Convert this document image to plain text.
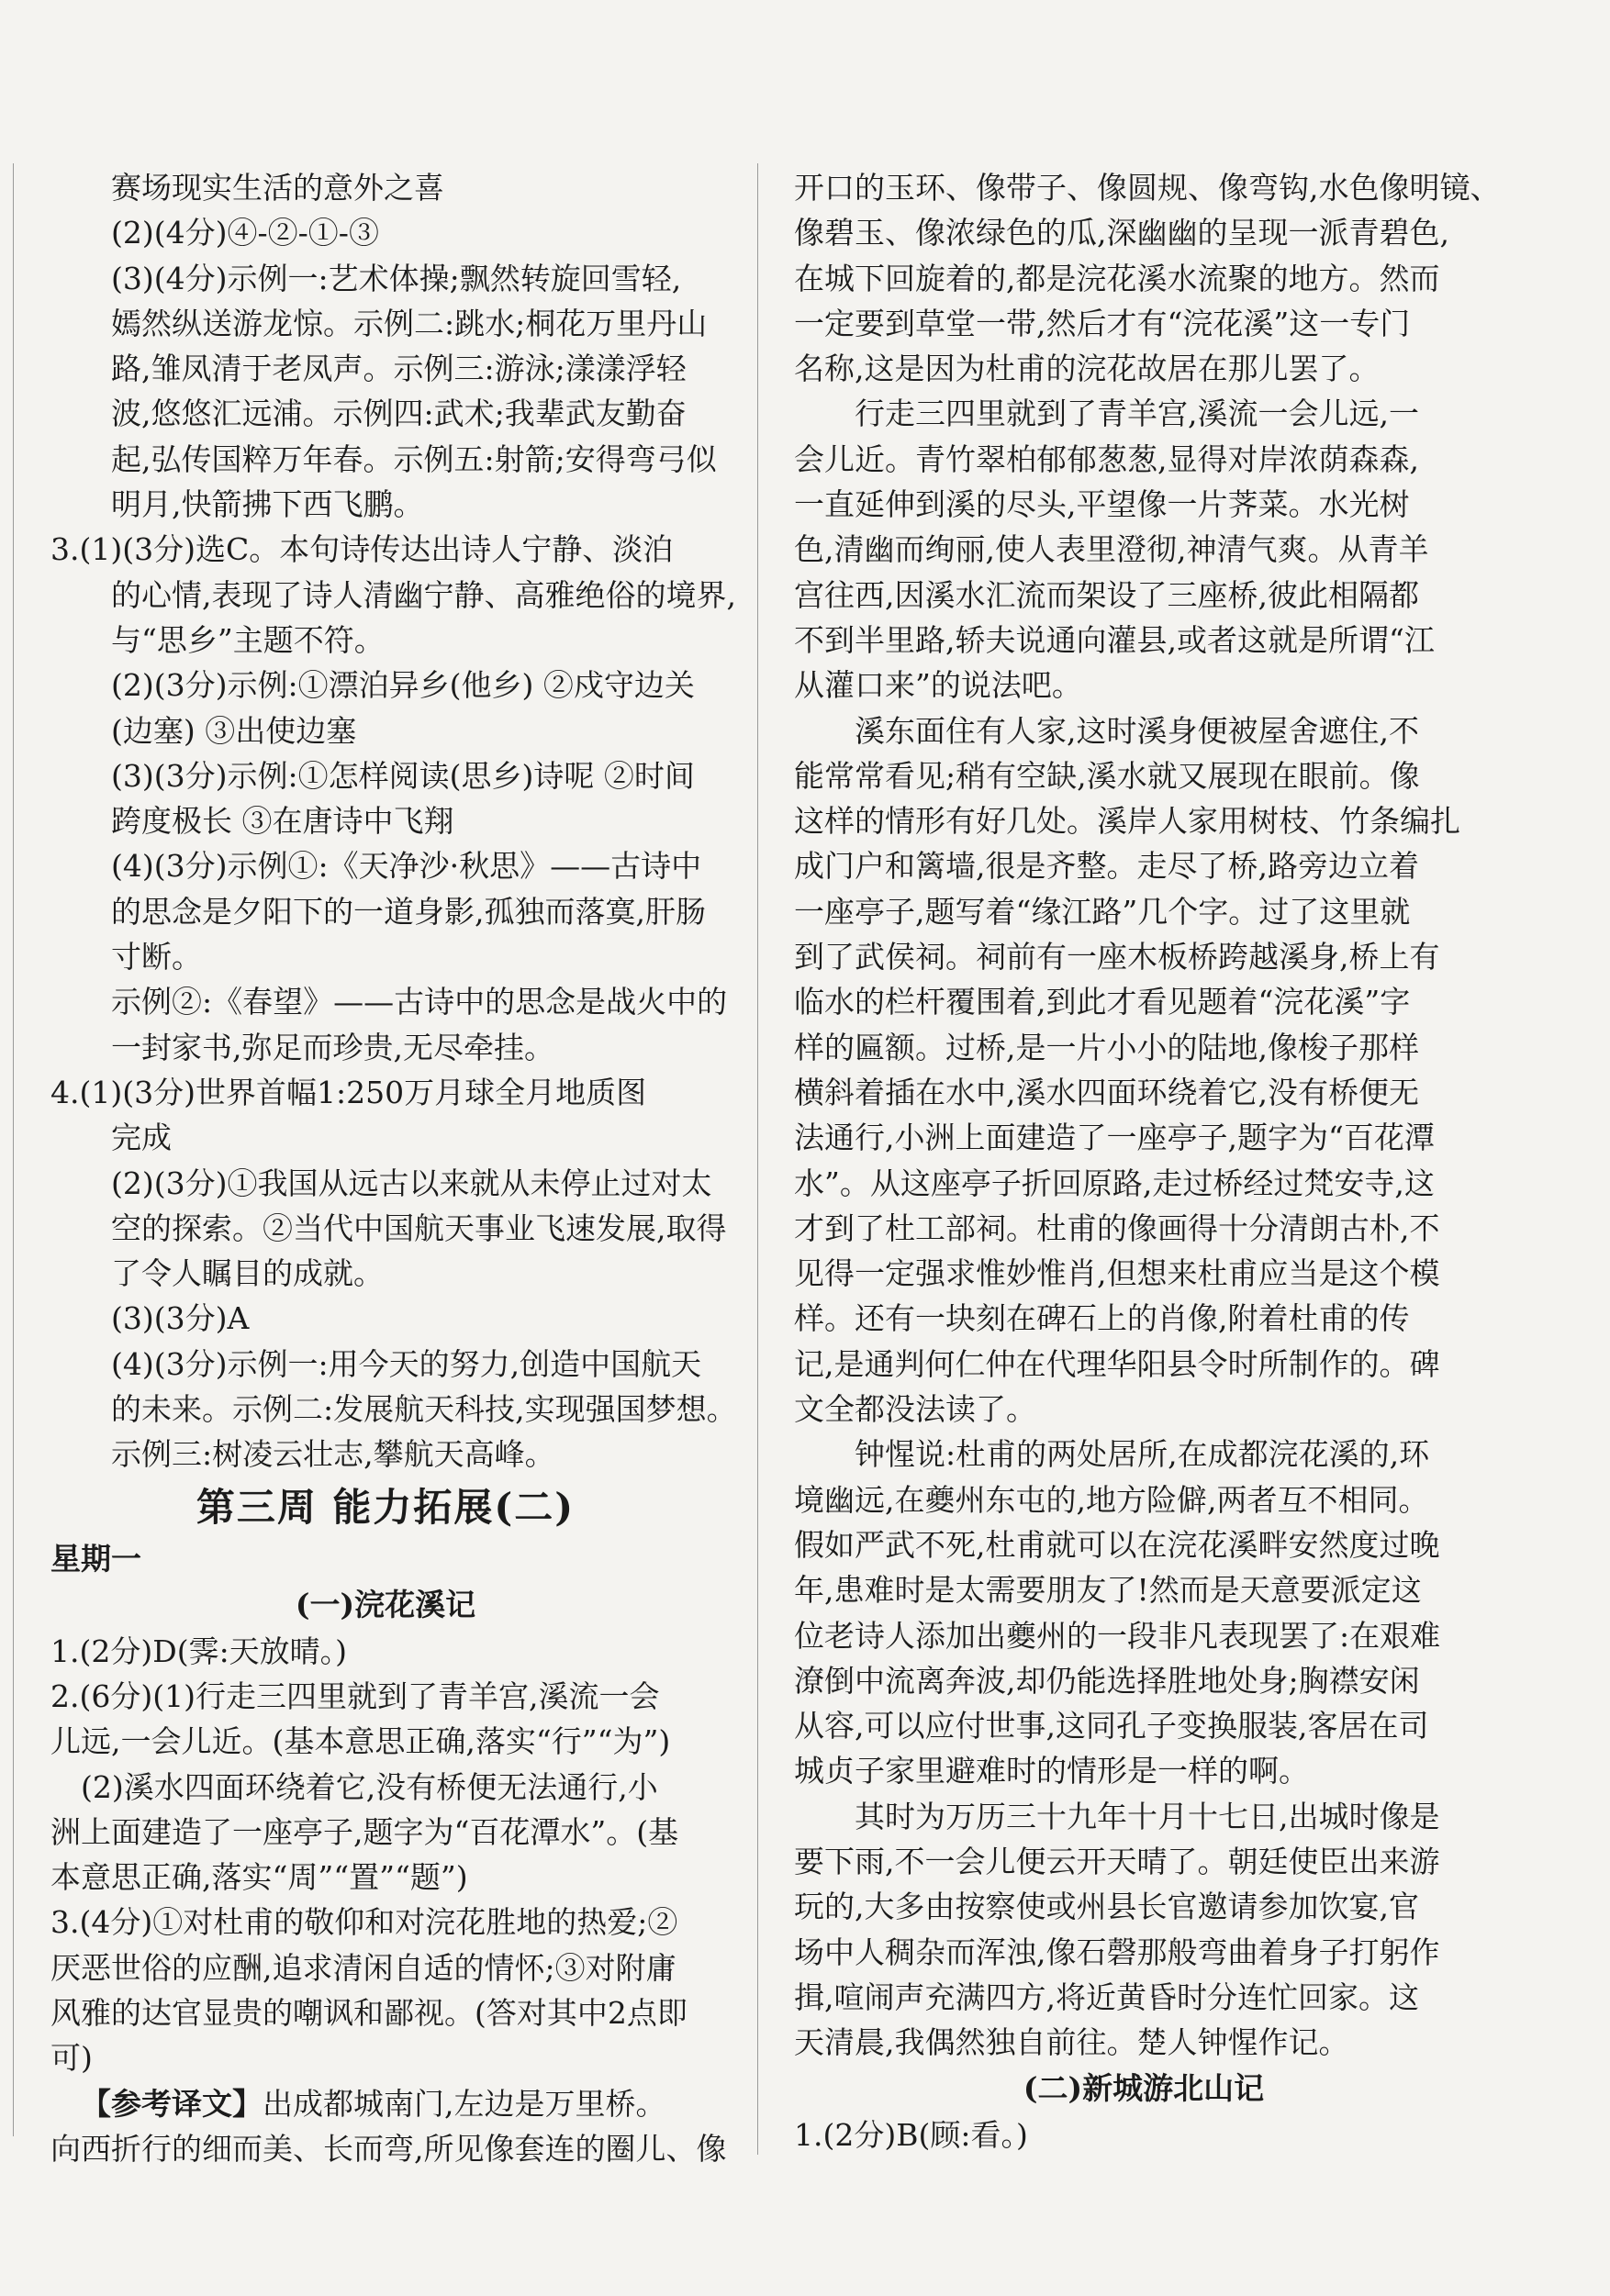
赛场现实生活的意外之喜
(2)(4分)④-②-①-③
(3)(4分)示例一:艺术体操;飘然转旋回雪轻,
嫣然纵送游龙惊。示例二:跳水;桐花万里丹山
路,雏凤清于老凤声。示例三:游泳;漾漾浮轻
波,悠悠汇远浦。示例四:武术;我辈武友勤奋
起,弘传国粹万年春。示例五:射箭;安得弯弓似
明月,快箭拂下西飞鹏。
3.(1)(3分)选C。本句诗传达出诗人宁静、淡泊
的心情,表现了诗人清幽宁静、高雅绝俗的境界,
与“思乡”主题不符。
(2)(3分)示例:①漂泊异乡(他乡) ②戍守边关
(边塞) ③出使边塞
(3)(3分)示例:①怎样阅读(思乡)诗呢 ②时间
跨度极长 ③在唐诗中飞翔
(4)(3分)示例①:《天净沙·秋思》——古诗中
的思念是夕阳下的一道身影,孤独而落寞,肝肠
寸断。
示例②:《春望》——古诗中的思念是战火中的
一封家书,弥足而珍贵,无尽牵挂。
4.(1)(3分)世界首幅1:250万月球全月地质图
完成
(2)(3分)①我国从远古以来就从未停止过对太
空的探索。②当代中国航天事业飞速发展,取得
了令人瞩目的成就。
(3)(3分)A
(4)(3分)示例一:用今天的努力,创造中国航天
的未来。示例二:发展航天科技,实现强国梦想。
示例三:树凌云壮志,攀航天高峰。
第三周 能力拓展(二)
星期一
(一)浣花溪记
1.(2分)D(霁:天放晴。)
2.(6分)(1)行走三四里就到了青羊宫,溪流一会
儿远,一会儿近。(基本意思正确,落实“行”“为”)
(2)溪水四面环绕着它,没有桥便无法通行,小
洲上面建造了一座亭子,题字为“百花潭水”。(基
本意思正确,落实“周”“置”“题”)
3.(4分)①对杜甫的敬仰和对浣花胜地的热爱;②
厌恶世俗的应酬,追求清闲自适的情怀;③对附庸
风雅的达官显贵的嘲讽和鄙视。(答对其中2点即
可)
【参考译文】出成都城南门,左边是万里桥。
向西折行的细而美、长而弯,所见像套连的圈儿、像
开口的玉环、像带子、像圆规、像弯钩,水色像明镜、
像碧玉、像浓绿色的瓜,深幽幽的呈现一派青碧色,
在城下回旋着的,都是浣花溪水流聚的地方。然而
一定要到草堂一带,然后才有“浣花溪”这一专门
名称,这是因为杜甫的浣花故居在那儿罢了。
行走三四里就到了青羊宫,溪流一会儿远,一
会儿近。青竹翠柏郁郁葱葱,显得对岸浓荫森森,
一直延伸到溪的尽头,平望像一片荠菜。水光树
色,清幽而绚丽,使人表里澄彻,神清气爽。从青羊
宫往西,因溪水汇流而架设了三座桥,彼此相隔都
不到半里路,轿夫说通向灌县,或者这就是所谓“江
从灌口来”的说法吧。
溪东面住有人家,这时溪身便被屋舍遮住,不
能常常看见;稍有空缺,溪水就又展现在眼前。像
这样的情形有好几处。溪岸人家用树枝、竹条编扎
成门户和篱墙,很是齐整。走尽了桥,路旁边立着
一座亭子,题写着“缘江路”几个字。过了这里就
到了武侯祠。祠前有一座木板桥跨越溪身,桥上有
临水的栏杆覆围着,到此才看见题着“浣花溪”字
样的匾额。过桥,是一片小小的陆地,像梭子那样
横斜着插在水中,溪水四面环绕着它,没有桥便无
法通行,小洲上面建造了一座亭子,题字为“百花潭
水”。从这座亭子折回原路,走过桥经过梵安寺,这
才到了杜工部祠。杜甫的像画得十分清朗古朴,不
见得一定强求惟妙惟肖,但想来杜甫应当是这个模
样。还有一块刻在碑石上的肖像,附着杜甫的传
记,是通判何仁仲在代理华阳县令时所制作的。碑
文全都没法读了。
钟惺说:杜甫的两处居所,在成都浣花溪的,环
境幽远,在夔州东屯的,地方险僻,两者互不相同。
假如严武不死,杜甫就可以在浣花溪畔安然度过晚
年,患难时是太需要朋友了!然而是天意要派定这
位老诗人添加出夔州的一段非凡表现罢了:在艰难
潦倒中流离奔波,却仍能选择胜地处身;胸襟安闲
从容,可以应付世事,这同孔子变换服装,客居在司
城贞子家里避难时的情形是一样的啊。
其时为万历三十九年十月十七日,出城时像是
要下雨,不一会儿便云开天晴了。朝廷使臣出来游
玩的,大多由按察使或州县长官邀请参加饮宴,官
场中人稠杂而浑浊,像石磬那般弯曲着身子打躬作
揖,喧闹声充满四方,将近黄昏时分连忙回家。这
天清晨,我偶然独自前往。楚人钟惺作记。
(二)新城游北山记
1.(2分)B(顾:看。)
